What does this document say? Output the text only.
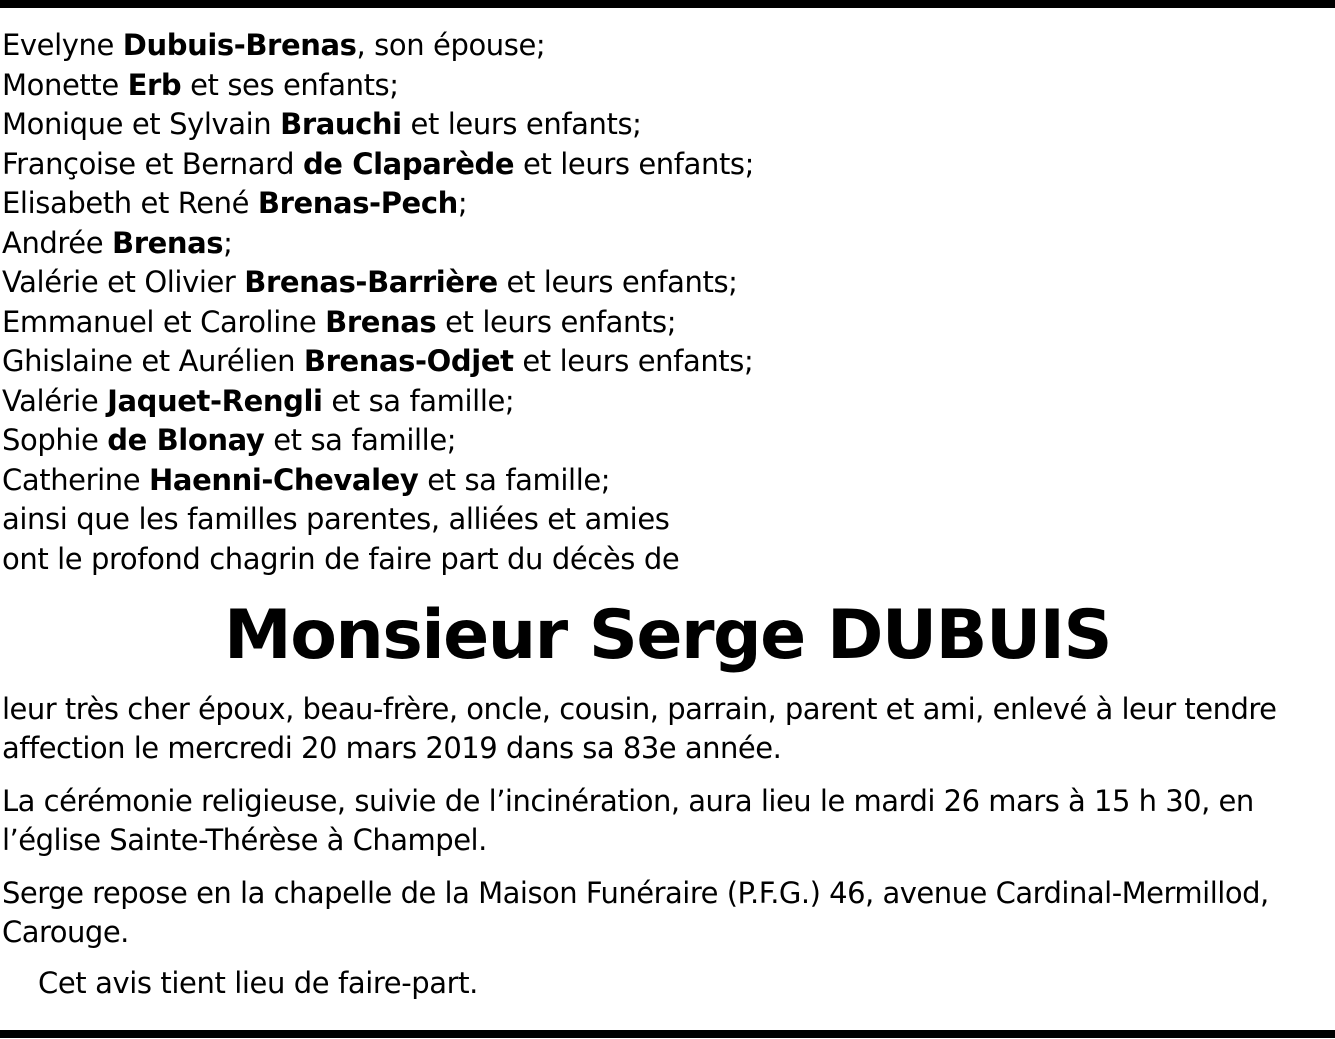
Evelyne Dubuis-Brenas, son épouse;
Monette Erb et ses enfants;
Monique et Sylvain Brauchi et leurs enfants;
Françoise et Bernard de Claparède et leurs enfants;
Elisabeth et René Brenas-Pech;
Andrée Brenas;
Valérie et Olivier Brenas-Barrière et leurs enfants;
Emmanuel et Caroline Brenas et leurs enfants;
Ghislaine et Aurélien Brenas-Odjet et leurs enfants;
Valérie Jaquet-Rengli et sa famille;
Sophie de Blonay et sa famille;
Catherine Haenni-Chevaley et sa famille;
ainsi que les familles parentes, alliées et amies
ont le profond chagrin de faire part du décès de
Monsieur Serge DUBUIS
leur très cher époux, beau-frère, oncle, cousin, parrain, parent et ami, enlevé à leur tendre affection le mercredi 20 mars 2019 dans sa 83e année.
La cérémonie religieuse, suivie de l’incinération, aura lieu le mardi 26 mars à 15 h 30, en l’église Sainte-Thérèse à Champel.
Serge repose en la chapelle de la Maison Funéraire (P.F.G.) 46, avenue Cardinal-Mermillod, Carouge.
Cet avis tient lieu de faire-part.
